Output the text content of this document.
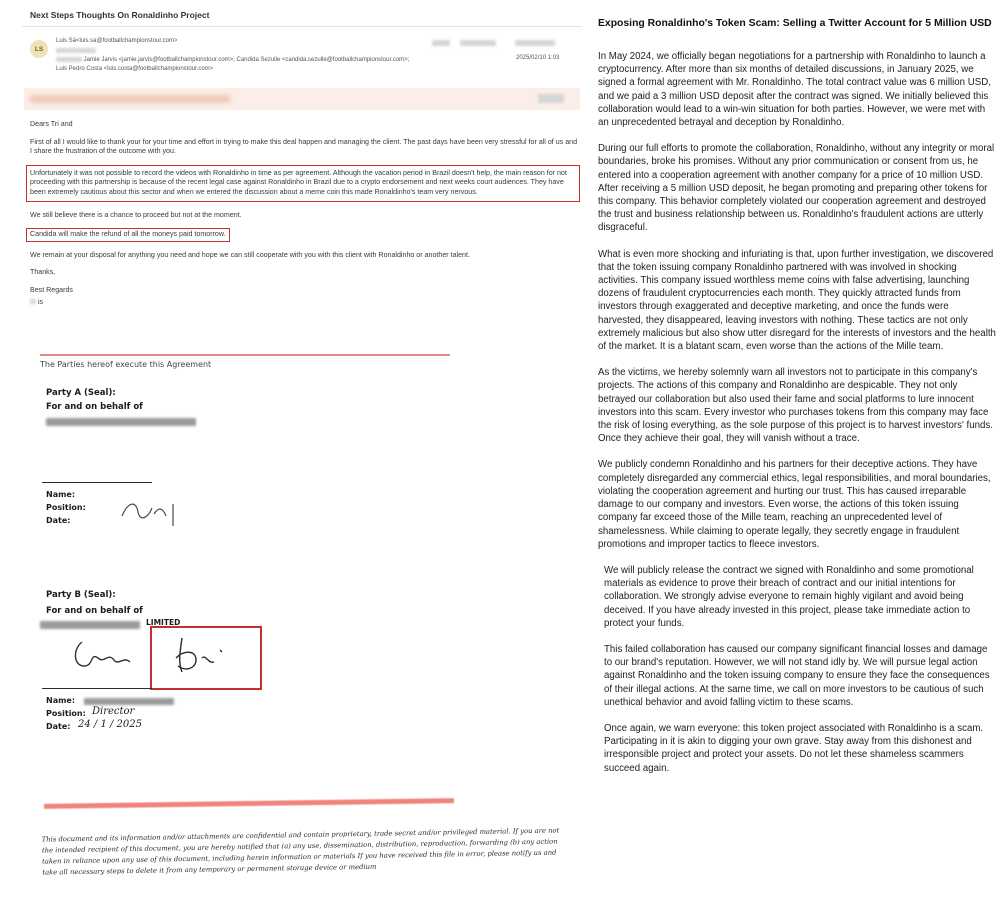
Next Steps Thoughts On Ronaldinho Project
LS
Luis Sá<luis.sa@footballchampionstour.com>
Jamie Jarvis <jamie.jarvis@footballchampionstour.com>; Candida Sezulle <candida.sezulle@footballchampionstour.com>;
Luis Pedro Costa <luis.costa@footballchampionstour.com>

2025/02/10 1:03

Dears Tri and

First of all I would like to thank your for your time and effort in trying to make this deal happen and managing the client. The past days have been very stressful for all of us and I share the frustration of the outcome with you.

Unfortunately it was not possible to record the videos with Ronaldinho in time as per agreement. Although the vacation period in Brazil doesn't help, the main reason for not proceeding with this partnership is because of the recent legal case against Ronaldinho in Brazil due to a crypto endorsement and next weeks court audiences. They have been extremely cautious about this sector and when we entered the discussion about a meme coin this made Ronaldinho's team very nervous.

We still believe there is a chance to proceed but not at the moment.

Candida will make the refund of all the moneys paid tomorrow.

We remain at your disposal for anything you need and hope we can still cooperate with you with this client with Ronaldinho or another talent.

Thanks,

Best Regards

is

The Parties hereof execute this Agreement
Party A (Seal):
For and on behalf of
Name:
Position:
Date:
Party B (Seal):
For and on behalf of
LIMITED
Name:
Position: Director
Date: 24 / 1 / 2025
This document and its information and/or attachments are confidential and contain proprietary, trade secret and/or privileged material. If you are not the intended recipient of this document, you are hereby notified that (a) any use, dissemination, distribution, reproduction, forwarding (b) any action taken in reliance upon any use of this document, including herein information or materials If you have received this file in error, please notify us and take all necessary steps to delete it from any temporary or permanent storage device or medium
Exposing Ronaldinho's Token Scam: Selling a Twitter Account for 5 Million USD

In May 2024, we officially began negotiations for a partnership with Ronaldinho to launch a cryptocurrency. After more than six months of detailed discussions, in January 2025, we signed a formal agreement with Mr. Ronaldinho. The total contract value was 6 million USD, and we paid a 3 million USD deposit after the contract was signed. We initially believed this collaboration would lead to a win-win situation for both parties. However, we were met with an unprecedented betrayal and deception by Ronaldinho.

During our full efforts to promote the collaboration, Ronaldinho, without any integrity or moral boundaries, broke his promises. Without any prior communication or consent from us, he entered into a cooperation agreement with another company for a price of 10 million USD. After receiving a 5 million USD deposit, he began promoting and preparing other tokens for this company. This behavior completely violated our cooperation agreement and destroyed the trust and business relationship between us. Ronaldinho's fraudulent actions are utterly disgraceful.

What is even more shocking and infuriating is that, upon further investigation, we discovered that the token issuing company Ronaldinho partnered with was involved in shocking activities. This company issued worthless meme coins with false advertising, launching dozens of fraudulent cryptocurrencies each month. They quickly attracted funds from investors through exaggerated and deceptive marketing, and once the funds were harvested, they disappeared, leaving investors with nothing. These tactics are not only extremely malicious but also show utter disregard for the interests of investors and the health of the market. It is a blatant scam, even worse than the actions of the Mille team.

As the victims, we hereby solemnly warn all investors not to participate in this company's projects. The actions of this company and Ronaldinho are despicable. They not only betrayed our collaboration but also used their fame and social platforms to lure innocent investors into this scam. Every investor who purchases tokens from this company may face the risk of losing everything, as the sole purpose of this project is to harvest investors' funds. Once they achieve their goal, they will vanish without a trace.

We publicly condemn Ronaldinho and his partners for their deceptive actions. They have completely disregarded any commercial ethics, legal responsibilities, and moral boundaries, violating the cooperation agreement and hurting our trust. This has caused irreparable damage to our company and investors. Even worse, the actions of this token issuing company far exceed those of the Mille team, reaching an unprecedented level of shamelessness. While claiming to operate legally, they secretly engage in fraudulent promotions and improper tactics to fleece investors.

We will publicly release the contract we signed with Ronaldinho and some promotional materials as evidence to prove their breach of contract and our initial intentions for collaboration. We strongly advise everyone to remain highly vigilant and avoid being deceived. If you have already invested in this project, please take immediate action to protect your funds.

This failed collaboration has caused our company significant financial losses and damage to our brand's reputation. However, we will not stand idly by. We will pursue legal action against Ronaldinho and the token issuing company to ensure they face the consequences of their illegal actions. At the same time, we call on more investors to be cautious of such unethical behavior and avoid falling victim to these scams.

Once again, we warn everyone: this token project associated with Ronaldinho is a scam. Participating in it is akin to digging your own grave. Stay away from this dishonest and irresponsible project and protect your assets. Do not let these shameless scammers succeed again.
